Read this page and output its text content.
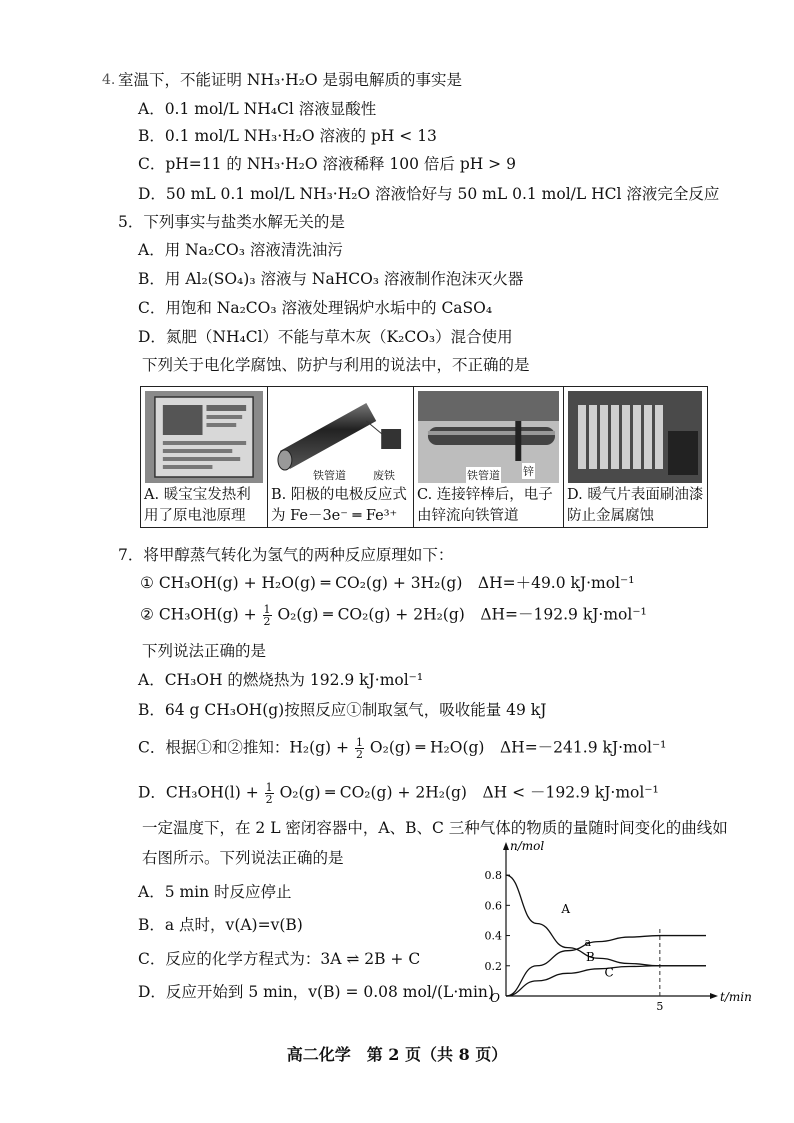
4. 室温下，不能证明 NH₃·H₂O 是弱电解质的事实是
A．0.1 mol/L NH₄Cl 溶液显酸性
B．0.1 mol/L NH₃·H₂O 溶液的 pH < 13
C．pH=11 的 NH₃·H₂O 溶液稀释 100 倍后 pH > 9
D．50 mL 0.1 mol/L NH₃·H₂O 溶液恰好与 50 mL 0.1 mol/L HCl 溶液完全反应
5．下列事实与盐类水解无关的是
A．用 Na₂CO₃ 溶液清洗油污
B．用 Al₂(SO₄)₃ 溶液与 NaHCO₃ 溶液制作泡沫灭火器
C．用饱和 Na₂CO₃ 溶液处理锅炉水垢中的 CaSO₄
D．氮肥（NH₄Cl）不能与草木灰（K₂CO₃）混合使用
下列关于电化学腐蚀、防护与利用的说法中，不正确的是
A. 暖宝宝发热利用了原电池原理
铁管道 废铁
B. 阳极的电极反应式为 Fe－3e⁻ ═ Fe³⁺
铁管道 锌
C. 连接锌棒后，电子由锌流向铁管道
D. 暖气片表面刷油漆防止金属腐蚀
7．将甲醇蒸气转化为氢气的两种反应原理如下：
① CH₃OH(g) + H₂O(g) ═ CO₂(g) + 3H₂(g)　ΔH=＋49.0 kJ·mol⁻¹
② $CH_3OH(g) + \frac{1}{2} O_2(g)$ ═ CO₂(g) + 2H₂(g)　ΔH=－192.9 kJ·mol⁻¹
下列说法正确的是
A．CH₃OH 的燃烧热为 192.9 kJ·mol⁻¹
B．64 g CH₃OH(g)按照反应①制取氢气，吸收能量 49 kJ
C．根据①和②推知：$H_2(g) + \frac{1}{2} O_2(g)$ ═ H₂O(g)　ΔH=－241.9 kJ·mol⁻¹
D．$CH_3OH(l) + \frac{1}{2} O_2(g)$ ═ CO₂(g) + 2H₂(g)　ΔH < －192.9 kJ·mol⁻¹
一定温度下，在 2 L 密闭容器中，A、B、C 三种气体的物质的量随时间变化的曲线如
右图所示。下列说法正确的是
A．5 min 时反应停止
B．a 点时，v(A)=v(B)
C．反应的化学方程式为：3A ⇌ 2B + C
D．反应开始到 5 min，v(B) = 0.08 mol/(L·min)
0.8
0.6
0.4
0.2
5
O	t/min
n/mol
A
B
C
a
高二化学　第 2 页（共 8 页）
